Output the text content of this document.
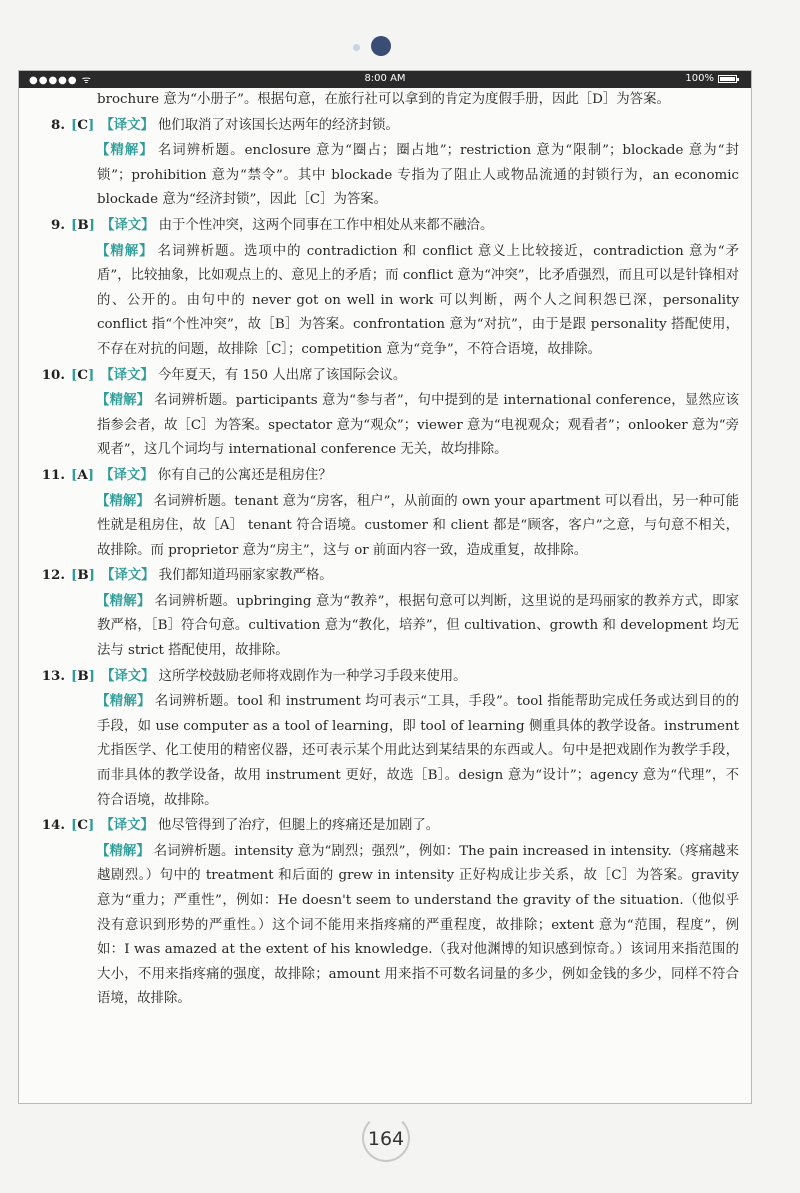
●●●●● ᯤ	8:00 AM	100%
brochure 意为“小册子”。根据句意，在旅行社可以拿到的肯定为度假手册，因此［D］为答案。
8. [C] 【译文】 他们取消了对该国长达两年的经济封锁。
【精解】 名词辨析题。enclosure 意为“圈占；圈占地”；restriction 意为“限制”；blockade 意为“封锁”；prohibition 意为“禁令”。其中 blockade 专指为了阻止人或物品流通的封锁行为，an economic blockade 意为“经济封锁”，因此［C］为答案。
9. [B] 【译文】 由于个性冲突，这两个同事在工作中相处从来都不融洽。
【精解】 名词辨析题。选项中的 contradiction 和 conflict 意义上比较接近，contradiction 意为“矛盾”，比较抽象，比如观点上的、意见上的矛盾；而 conflict 意为“冲突”，比矛盾强烈，而且可以是针锋相对的、公开的。由句中的 never got on well in work 可以判断，两个人之间积怨已深，personality conflict 指“个性冲突”，故［B］为答案。confrontation 意为“对抗”，由于是跟 personality 搭配使用，不存在对抗的问题，故排除［C］；competition 意为“竞争”，不符合语境，故排除。
10. [C] 【译文】 今年夏天，有 150 人出席了该国际会议。
【精解】 名词辨析题。participants 意为“参与者”，句中提到的是 international conference，显然应该指参会者，故［C］为答案。spectator 意为“观众”；viewer 意为“电视观众；观看者”；onlooker 意为“旁观者”，这几个词均与 international conference 无关，故均排除。
11. [A] 【译文】 你有自己的公寓还是租房住？
【精解】 名词辨析题。tenant 意为“房客，租户”，从前面的 own your apartment 可以看出，另一种可能性就是租房住，故［A］ tenant 符合语境。customer 和 client 都是“顾客，客户”之意，与句意不相关，故排除。而 proprietor 意为“房主”，这与 or 前面内容一致，造成重复，故排除。
12. [B] 【译文】 我们都知道玛丽家家教严格。
【精解】 名词辨析题。upbringing 意为“教养”，根据句意可以判断，这里说的是玛丽家的教养方式，即家教严格，［B］符合句意。cultivation 意为“教化，培养”，但 cultivation、growth 和 development 均无法与 strict 搭配使用，故排除。
13. [B] 【译文】 这所学校鼓励老师将戏剧作为一种学习手段来使用。
【精解】 名词辨析题。tool 和 instrument 均可表示“工具，手段”。tool 指能帮助完成任务或达到目的的手段，如 use computer as a tool of learning，即 tool of learning 侧重具体的教学设备。instrument 尤指医学、化工使用的精密仪器，还可表示某个用此达到某结果的东西或人。句中是把戏剧作为教学手段，而非具体的教学设备，故用 instrument 更好，故选［B］。design 意为“设计”；agency 意为“代理”，不符合语境，故排除。
14. [C] 【译文】 他尽管得到了治疗，但腿上的疼痛还是加剧了。
【精解】 名词辨析题。intensity 意为“剧烈；强烈”，例如：The pain increased in intensity.（疼痛越来越剧烈。）句中的 treatment 和后面的 grew in intensity 正好构成让步关系，故［C］为答案。gravity 意为“重力；严重性”，例如：He doesn't seem to understand the gravity of the situation.（他似乎没有意识到形势的严重性。）这个词不能用来指疼痛的严重程度，故排除；extent 意为“范围，程度”，例如：I was amazed at the extent of his knowledge.（我对他渊博的知识感到惊奇。）该词用来指范围的大小，不用来指疼痛的强度，故排除；amount 用来指不可数名词量的多少，例如金钱的多少，同样不符合语境，故排除。
164
